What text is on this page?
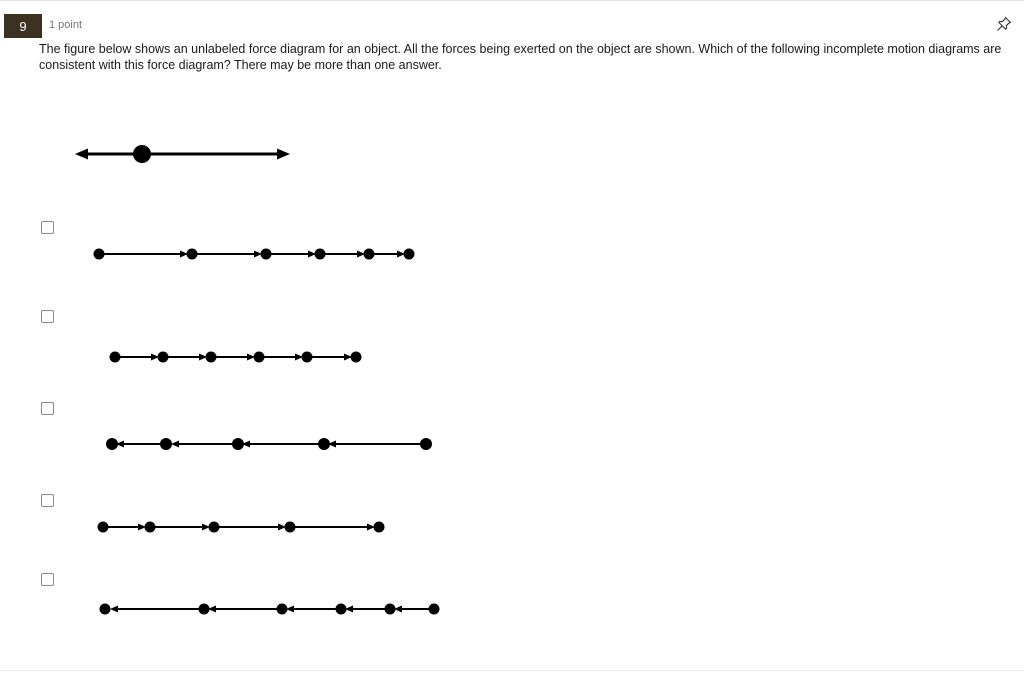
9	1 point
The figure below shows an unlabeled force diagram for an object. All the forces being exerted on the object are shown. Which of the following incomplete motion diagrams are consistent with this force diagram? There may be more than one answer.
